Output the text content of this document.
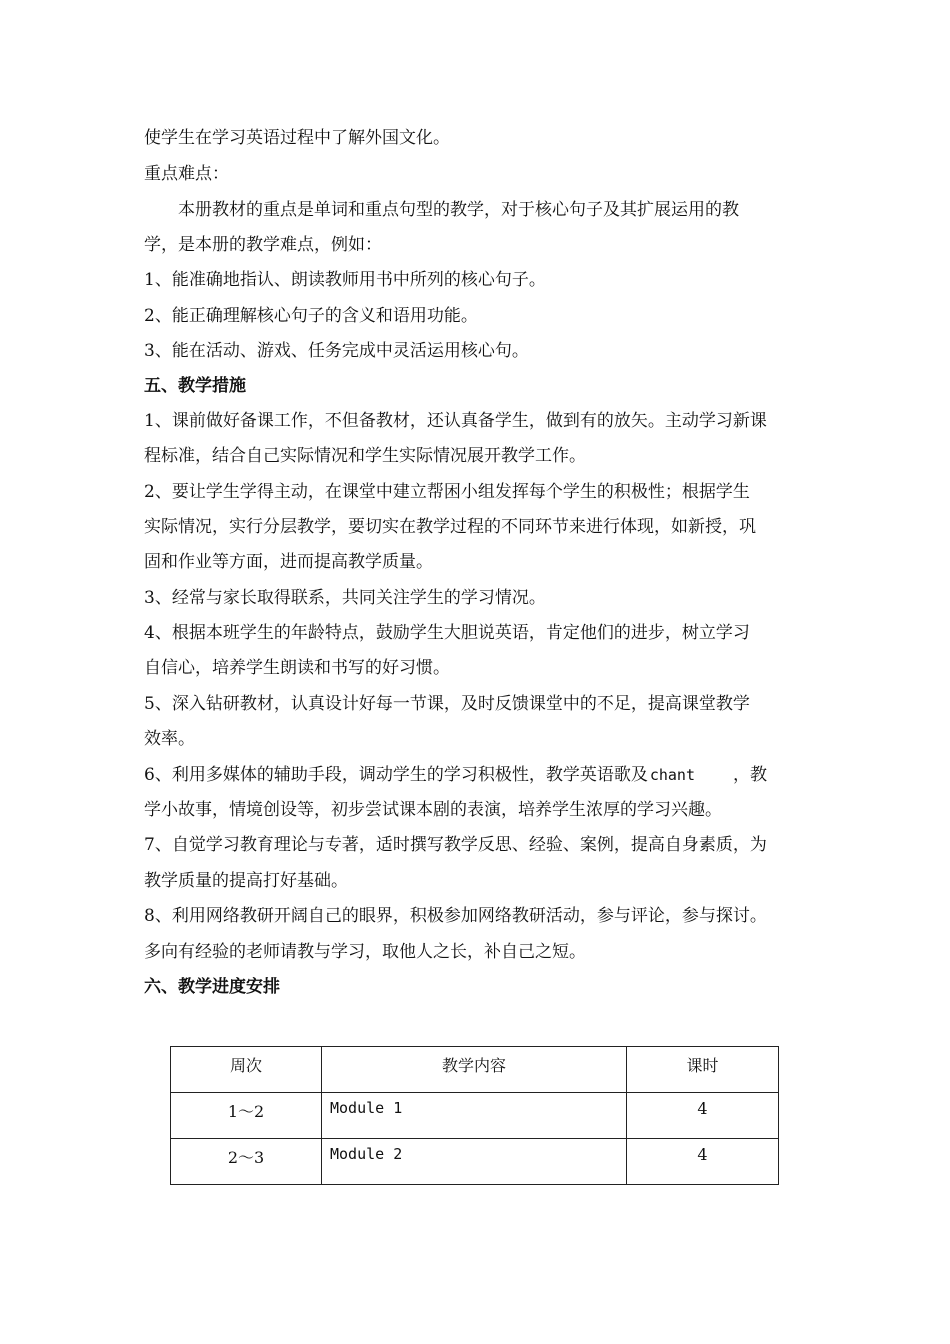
使学生在学习英语过程中了解外国文化。
重点难点：
本册教材的重点是单词和重点句型的教学，对于核心句子及其扩展运用的教
学，是本册的教学难点，例如：
1、能准确地指认、朗读教师用书中所列的核心句子。
2、能正确理解核心句子的含义和语用功能。
3、能在活动、游戏、任务完成中灵活运用核心句。
五、教学措施
1、课前做好备课工作，不但备教材，还认真备学生，做到有的放矢。主动学习新课
程标准，结合自己实际情况和学生实际情况展开教学工作。
2、要让学生学得主动，在课堂中建立帮困小组发挥每个学生的积极性；根据学生
实际情况，实行分层教学，要切实在教学过程的不同环节来进行体现，如新授，巩
固和作业等方面，进而提高教学质量。
3、经常与家长取得联系，共同关注学生的学习情况。
4、根据本班学生的年龄特点，鼓励学生大胆说英语，肯定他们的进步，树立学习
自信心，培养学生朗读和书写的好习惯。
5、深入钻研教材，认真设计好每一节课，及时反馈课堂中的不足，提高课堂教学
效率。
6、利用多媒体的辅助手段，调动学生的学习积极性，教学英语歌及 chant ，教
学小故事，情境创设等，初步尝试课本剧的表演，培养学生浓厚的学习兴趣。
7、自觉学习教育理论与专著，适时撰写教学反思、经验、案例，提高自身素质，为
教学质量的提高打好基础。
8、利用网络教研开阔自己的眼界，积极参加网络教研活动，参与评论，参与探讨。
多向有经验的老师请教与学习，取他人之长，补自己之短。
六、教学进度安排
周次	教学内容	课时
1～2	Module 1	4
2～3	Module 2	4
